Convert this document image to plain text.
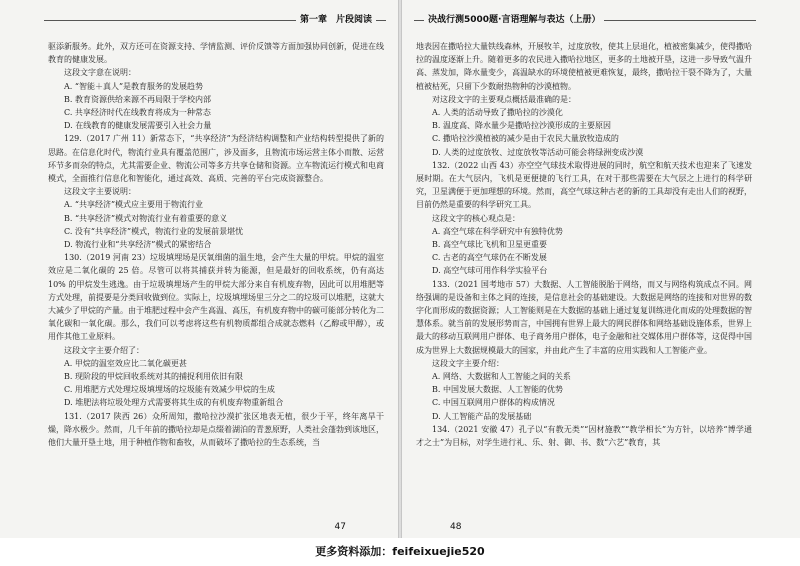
第一章　片段阅读

驱添新服务。此外，双方还可在资源支持、学情监测、评价反馈等方面加强协同创新，促进在线教育的健康发展。

这段文字意在说明：

A. “智能＋真人”是教育服务的发展趋势

B. 教育资源供给来源不再局限于学校内部

C. 共享经济时代在线教育将成为一种常态

D. 在线教育的健康发展需要引入社会力量

129.（2017 广州 11）新常态下，“共享经济”为经济结构调整和产业结构转型提供了新的思路。在信息化时代，物流行业具有覆盖范围广，涉及面多，且物流市场运营主体小而散、运营环节多而杂的特点，尤其需要企业、物流公司等多方共享仓储和资源。立车物流运行模式和电商模式，全面推行信息化和智能化，通过高效、高质、完善的平台完成资源整合。

这段文字主要说明：

A. “共享经济”模式应主要用于物流行业

B. “共享经济”模式对物流行业有着重要的意义

C. 没有“共享经济”模式，物流行业的发展前景堪忧

D. 物流行业和“共享经济”模式的紧密结合

130.（2019 河南 23）垃圾填埋场是厌氧细菌的温生地，会产生大量的甲烷。甲烷的温室效应是二氧化碳的 25 倍。尽管可以将其捕获并转为能源，但是最好的回收系统，仍有高达 10% 的甲烷发生逃逸。由于垃圾填埋场产生的甲烷大部分来自有机废弃物，因此可以用堆肥等方式处理，前提要是分类回收做到位。实际上，垃圾填埋场里三分之二的垃圾可以堆肥，这就大大减少了甲烷的产量。由于堆肥过程中会产生高温、高压，有机废弃物中的碳可能部分转化为二氧化碳和一氧化碳。那么，我们可以考虑将这些有机物质都组合成就态燃料（乙醇或甲醇），或用作其他工业原料。

这段文字主要介绍了：

A. 甲烷的温室效应比二氧化碳更甚

B. 现阶段的甲烷回收系统对其的捕捉利用依旧有限

C. 用堆肥方式处理垃圾填埋场的垃圾能有效减少甲烷的生成

D. 堆肥法将垃圾处理方式需要将其生成的有机废弃物重新组合

131.（2017 陕西 26）众所周知，撒哈拉沙漠扩张区地表无植，很少于平，终年离旱干燥，降水极少。然而，几千年前的撒哈拉却是点缀着湖泊的青葱原野，人类社会蓬勃到该地区，他们大量开垦土地，用于种植作物和畜牧，从而破坏了撒哈拉的生态系统，当

47
决战行测5000题·言语理解与表达（上册）

地表因在撒哈拉大量铁线森林，开展牧羊，过度放牧，使其上层退化，植被密集减少，使得撒哈拉的温度逐渐上升。随着更多的农民进入撒哈拉地区，更多的土地被开垦，这进一步导致气温升高、蒸发加，降水量变少，高温缺水的环境使植被更难恢复，最终，撒哈拉干裂不降为了，大量植被枯死，只留下少数耐热物种的沙漠植物。

对这段文字的主要观点概括最准确的是：

A. 人类的活动导致了撒哈拉的沙漠化

B. 温度高、降水量少是撒哈拉沙漠形成的主要原因

C. 撒哈拉沙漠植被的减少是由于农民大量放牧造成的

D. 人类的过度放牧、过度放牧等活动可能会将绿洲变成沙漠

132.（2022 山西 43）亦空空气球技术取得进展的同时，航空和航天技术也迎来了飞速发展时期。在大气层内，飞机是更便捷的飞行工具，在对于那些需要在大气层之上进行的科学研究，卫星满便于更加理想的环境。然而，高空气球这种古老的新的工具却没有走出人们的视野，目前仍然是重要的科学研究工具。

这段文字的核心观点是：

A. 高空气球在科学研究中有独特优势

B. 高空气球比飞机和卫星更重要

C. 古老的高空气球仍在不断发展

D. 高空气球可用作科学实验平台

133.（2021 国考地市 57）大数据、人工智能脱胎于网络，而又与网络构筑成点不同。网络强调的是设备和主体之间的连接，是信息社会的基础建设。大数据是网络的连接和对世界的数字化而形成的数据资源；人工智能则是在大数据的基础上通过复复训练进化而成的处理数据的智慧体系。就当前的发展形势而言，中国拥有世界上最大的网民群体和网络基础设施体系，世界上最大的移动互联网用户群体、电子商务用户群体，电子金融和社交媒体用户群体等，这促得中国成为世界上大数据规模最大的国家，并由此产生了丰富的应用实践和人工智能产业。

这段文字主要介绍：

A. 网络、大数据和人工智能之间的关系

B. 中国发展大数据、人工智能的优势

C. 中国互联网用户群体的构成情况

D. 人工智能产品的发展基础

134.（2021 安徽 47）孔子以“有教无类”“因材施教”“教学相长”为方针，以培养“博学通才之士”为目标，对学生进行礼、乐、射、御、书、数“六艺”教育，其

48
更多资料添加：feifeixuejie520
